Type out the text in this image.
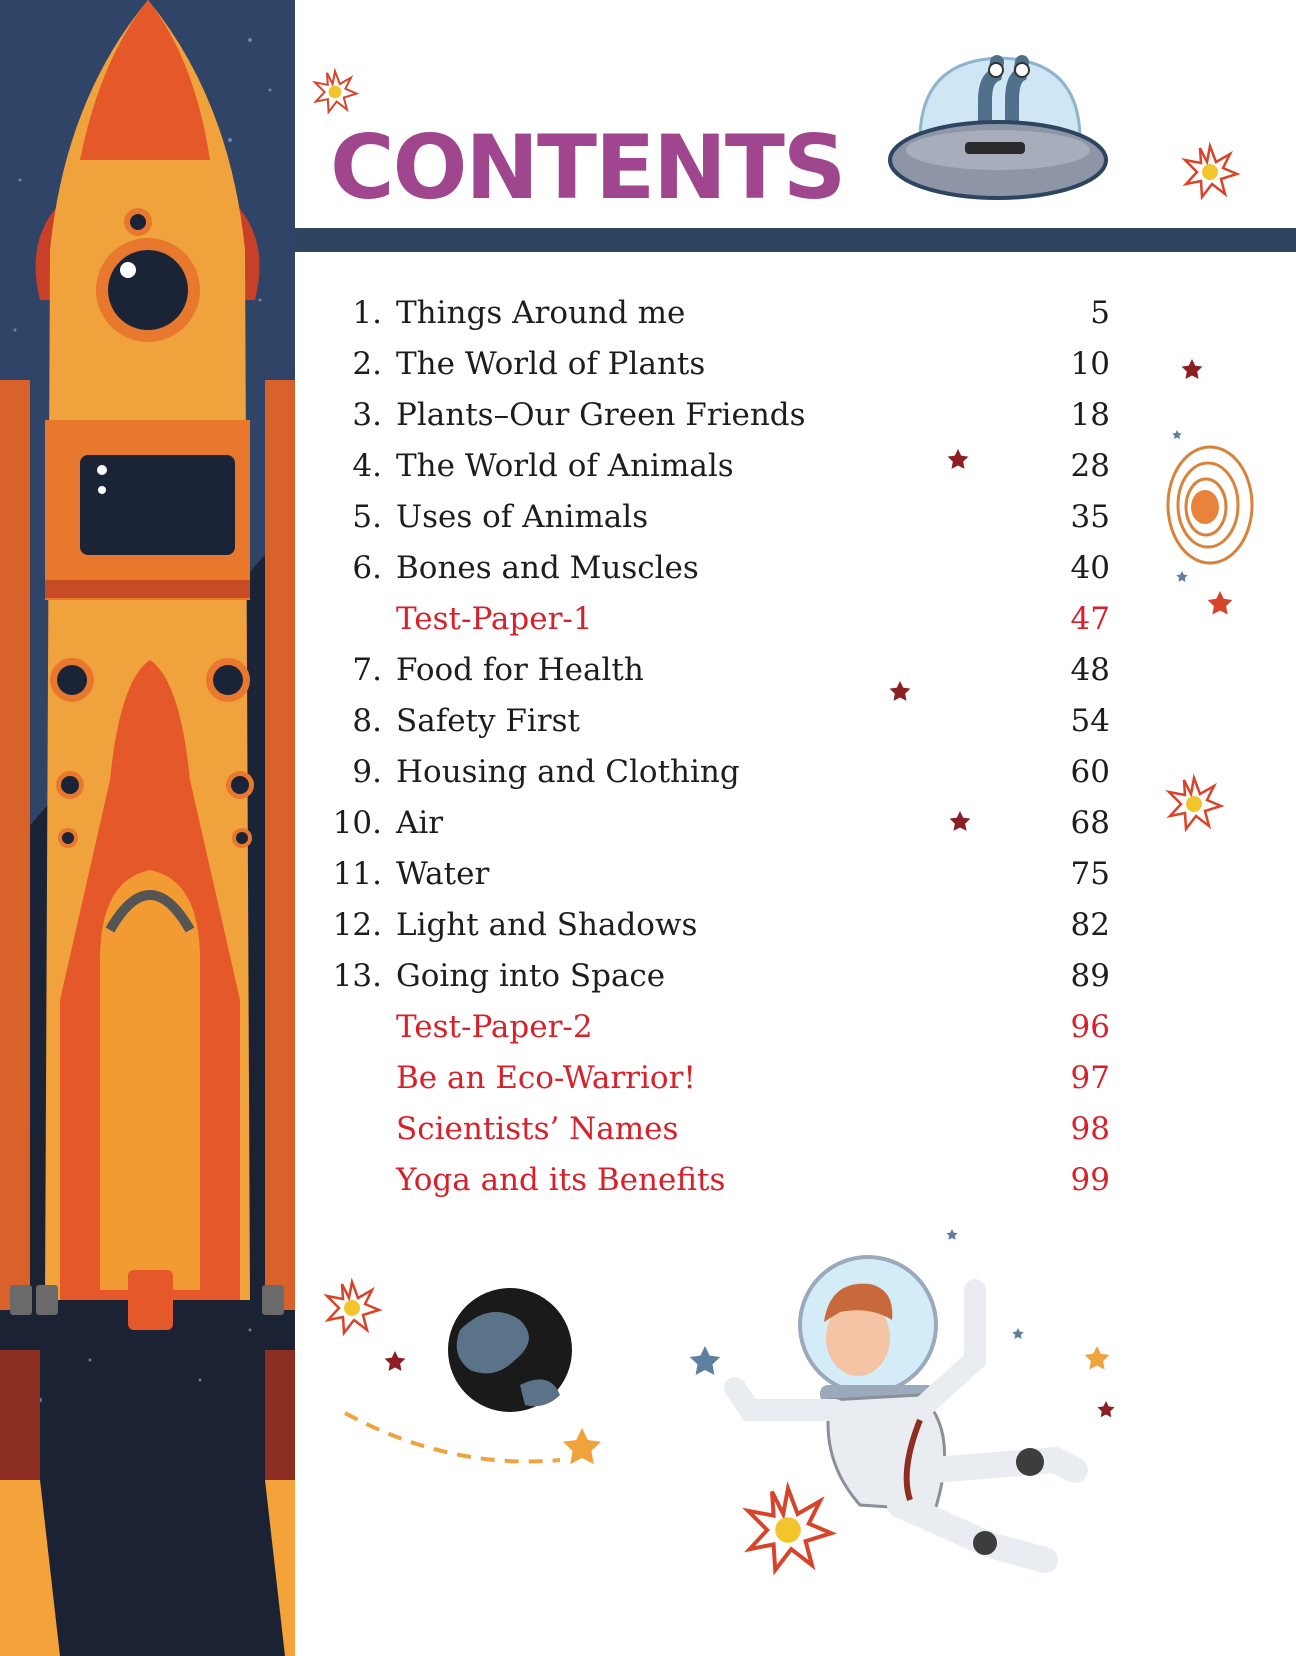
CONTENTS
1. Things Around me	5
2. The World of Plants	10
3. Plants–Our Green Friends	18
4. The World of Animals	28
5. Uses of Animals	35
6. Bones and Muscles	40
Test-Paper-1	47
7. Food for Health	48
8. Safety First	54
9. Housing and Clothing	60
10. Air	68
11. Water	75
12. Light and Shadows	82
13. Going into Space	89
Test-Paper-2	96
Be an Eco-Warrior!	97
Scientists’ Names	98
Yoga and its Benefits	99
